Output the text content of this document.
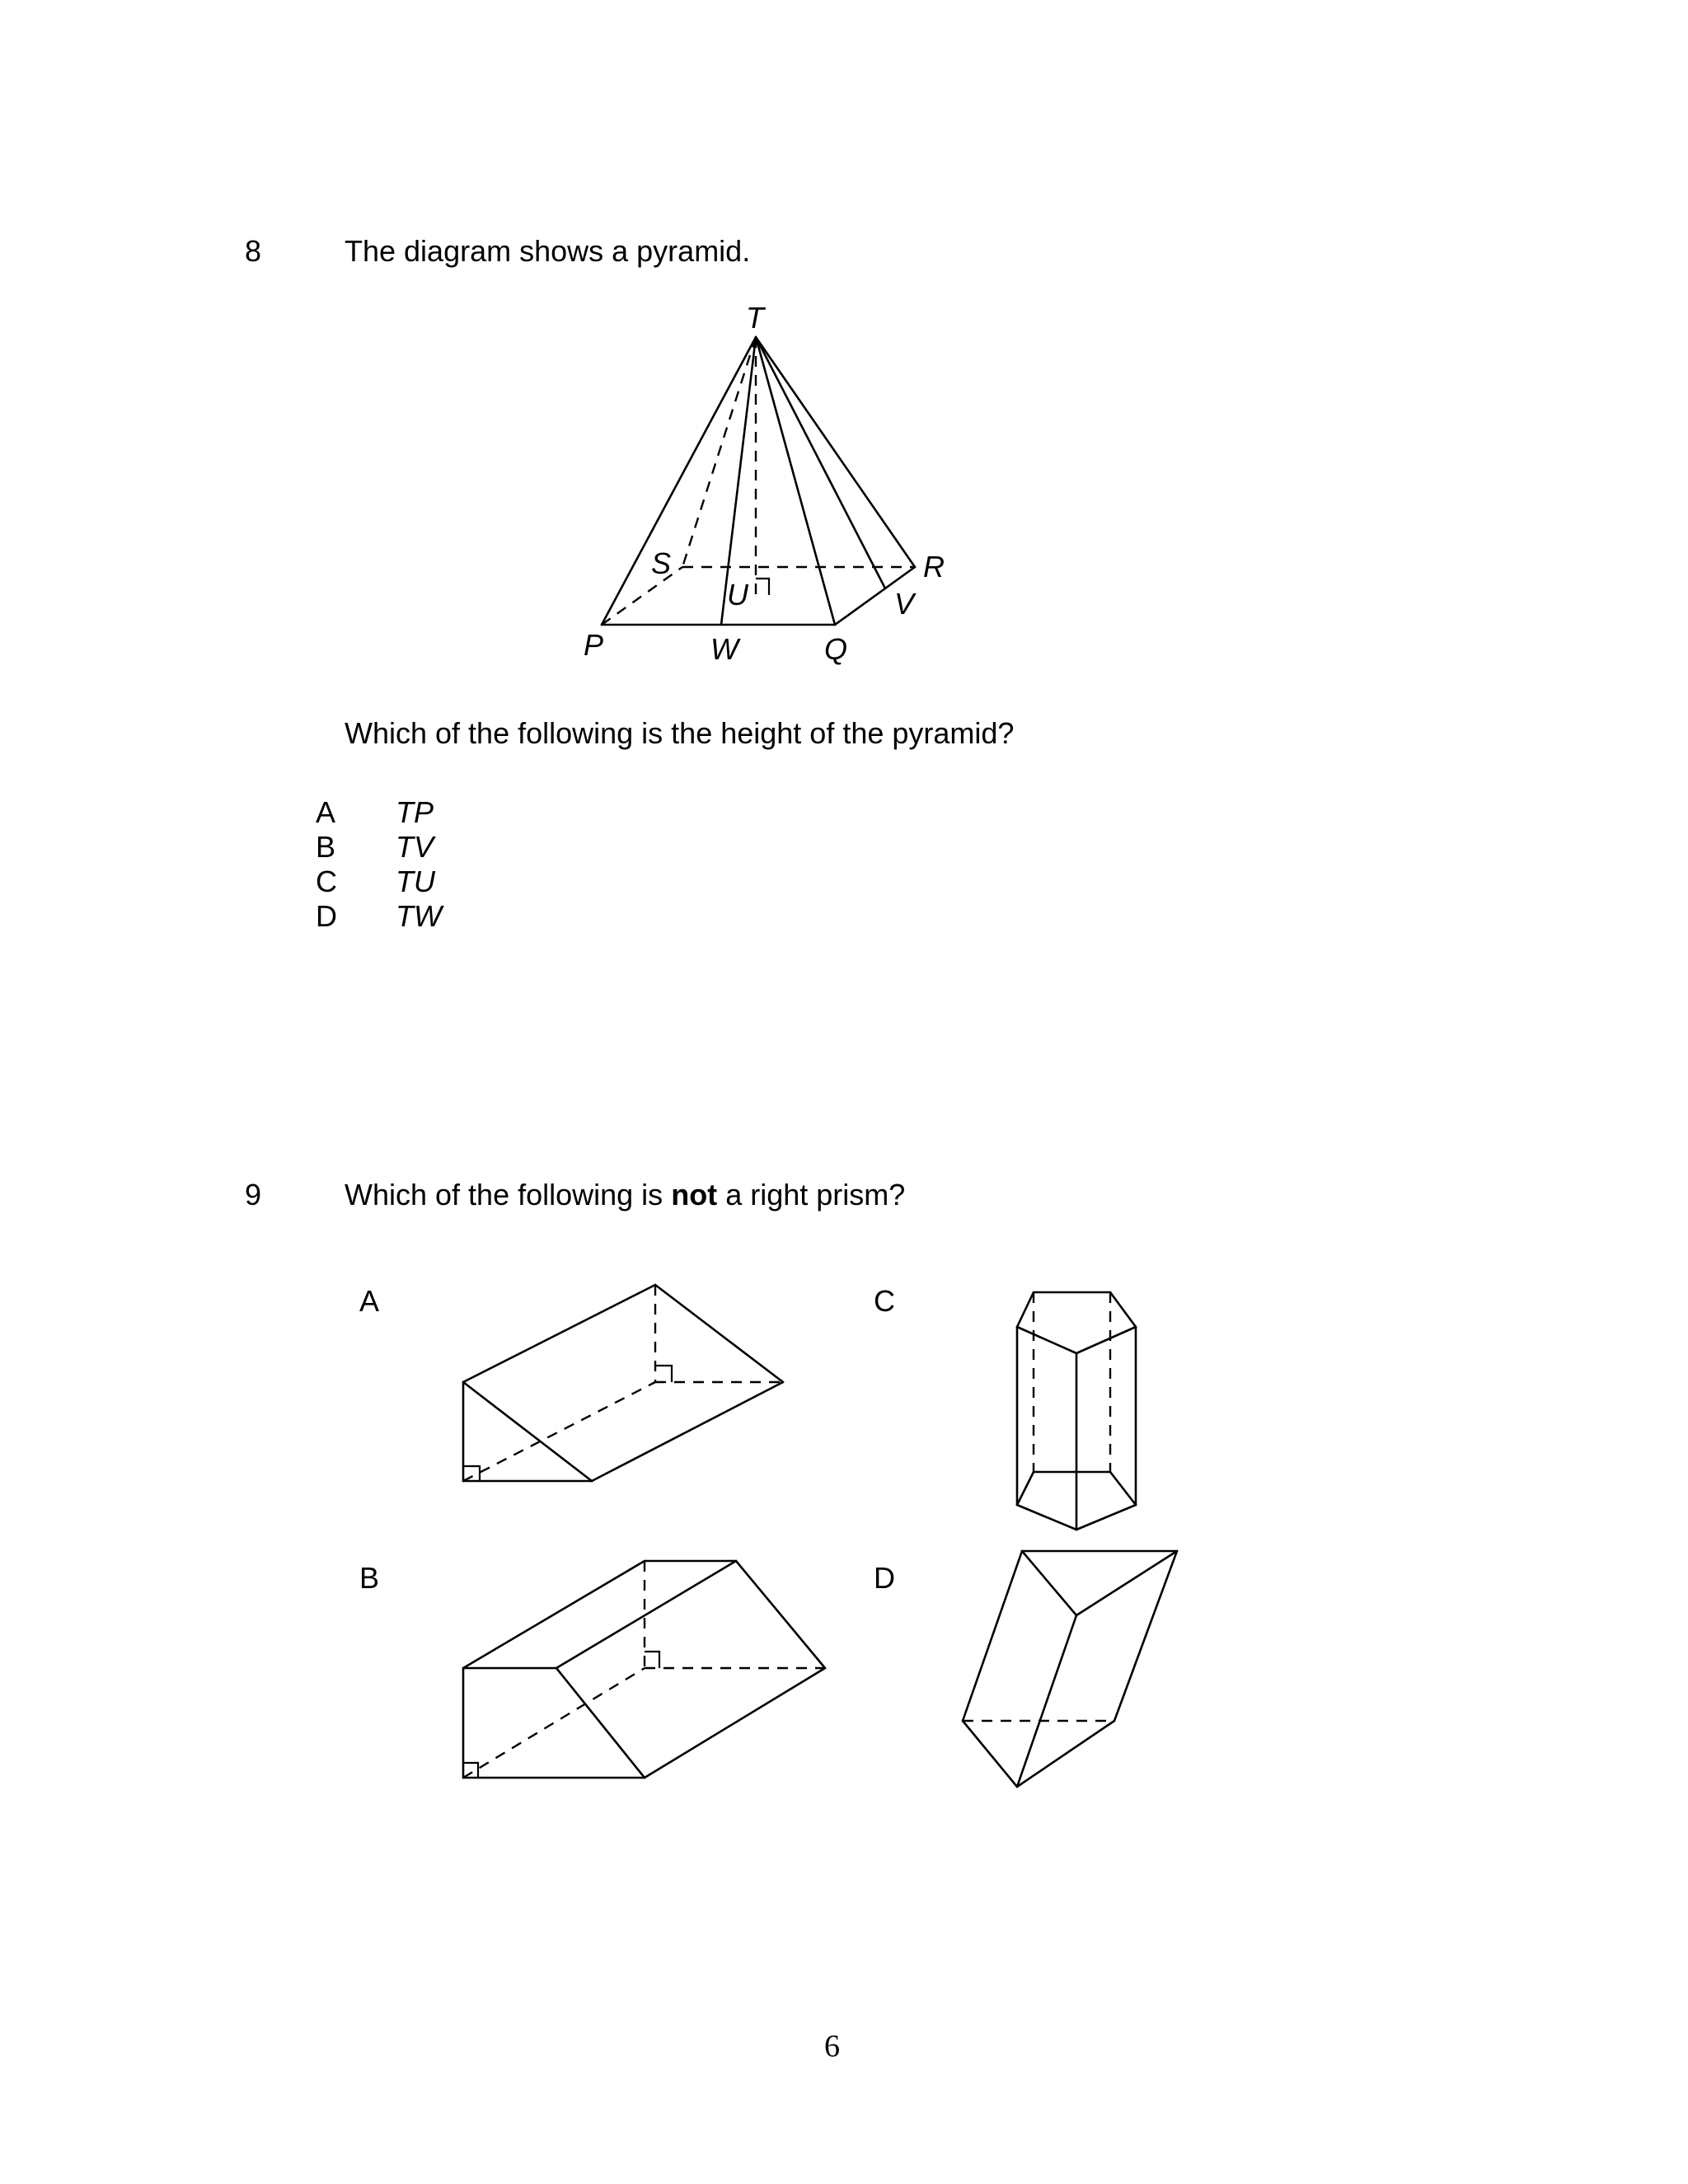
8	The diagram shows a pyramid.
T
S	R
U	V
P	W	Q
Which of the following is the height of the pyramid?
A TP
B TV
C TU
D TW
9	Which of the following is not a right prism?
A
B
C
D
6
